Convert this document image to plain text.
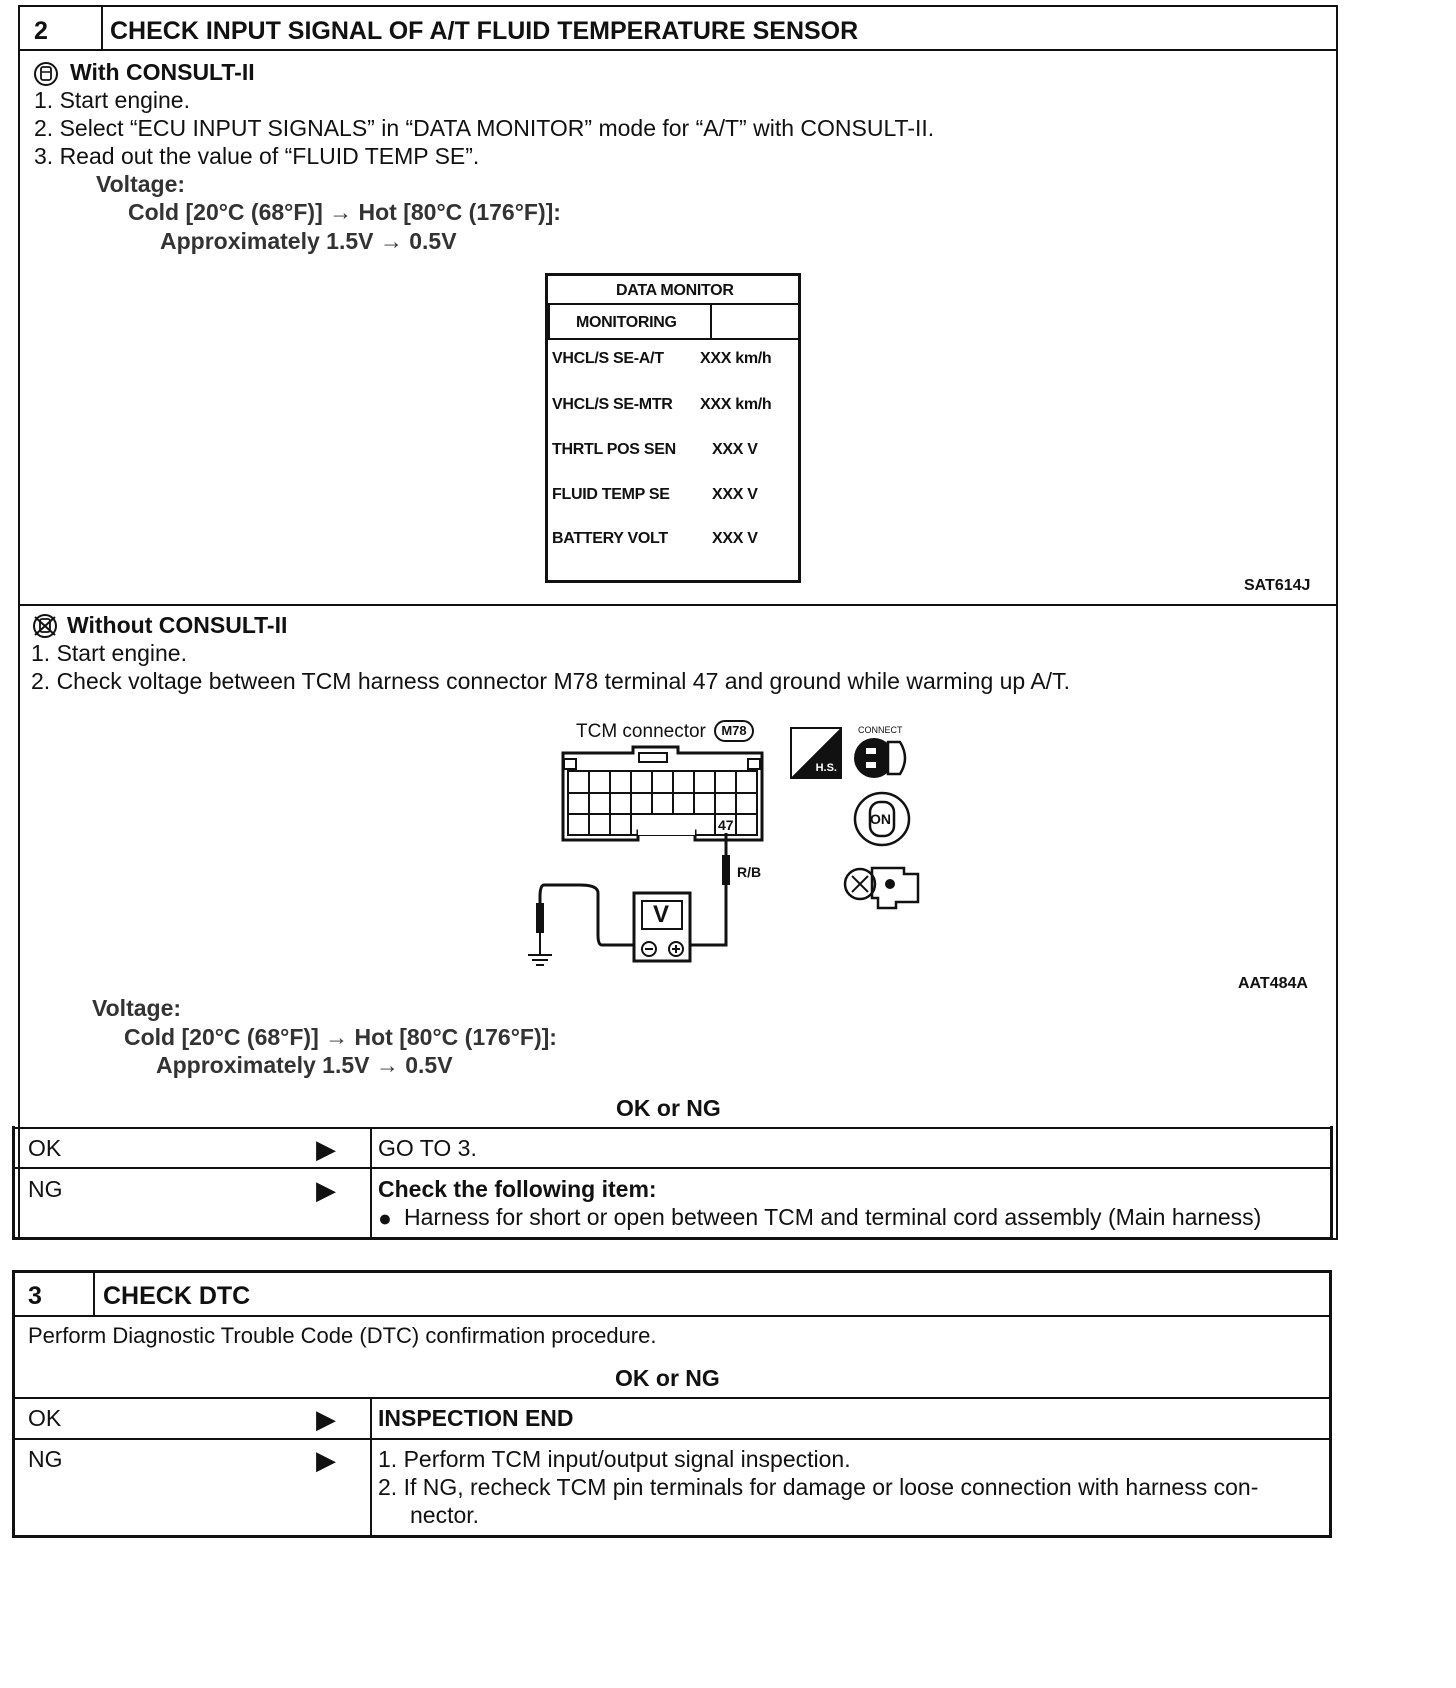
2 CHECK INPUT SIGNAL OF A/T FLUID TEMPERATURE SENSOR
With CONSULT-II
1. Start engine.
2. Select “ECU INPUT SIGNALS” in “DATA MONITOR” mode for “A/T” with CONSULT-II.
3. Read out the value of “FLUID TEMP SE”.
Voltage:
Cold [20°C (68°F)] → Hot [80°C (176°F)]:
Approximately 1.5V → 0.5V
DATA MONITOR
MONITORING
VHCL/S SE-A/T XXX km/h
VHCL/S SE-MTR XXX km/h
THRTL POS SEN XXX V
FLUID TEMP SE	XXX V
BATTERY VOLT	XXX V
SAT614J
Without CONSULT-II
1. Start engine.
2. Check voltage between TCM harness connector M78 terminal 47 and ground while warming up A/T.
TCM connector	M78
47
R/B
V
H.S.
CONNECT
ON
AAT484A
Voltage:
Cold [20°C (68°F)] → Hot [80°C (176°F)]:
Approximately 1.5V → 0.5V
OK or NG
OK	▶ GO TO 3.
NG	▶ Check the following item:
● Harness for short or open between TCM and terminal cord assembly (Main harness)
3 CHECK DTC
Perform Diagnostic Trouble Code (DTC) confirmation procedure.
OK or NG
OK	▶ INSPECTION END
NG	▶ 1. Perform TCM input/output signal inspection.
2. If NG, recheck TCM pin terminals for damage or loose connection with harness con-
nector.
